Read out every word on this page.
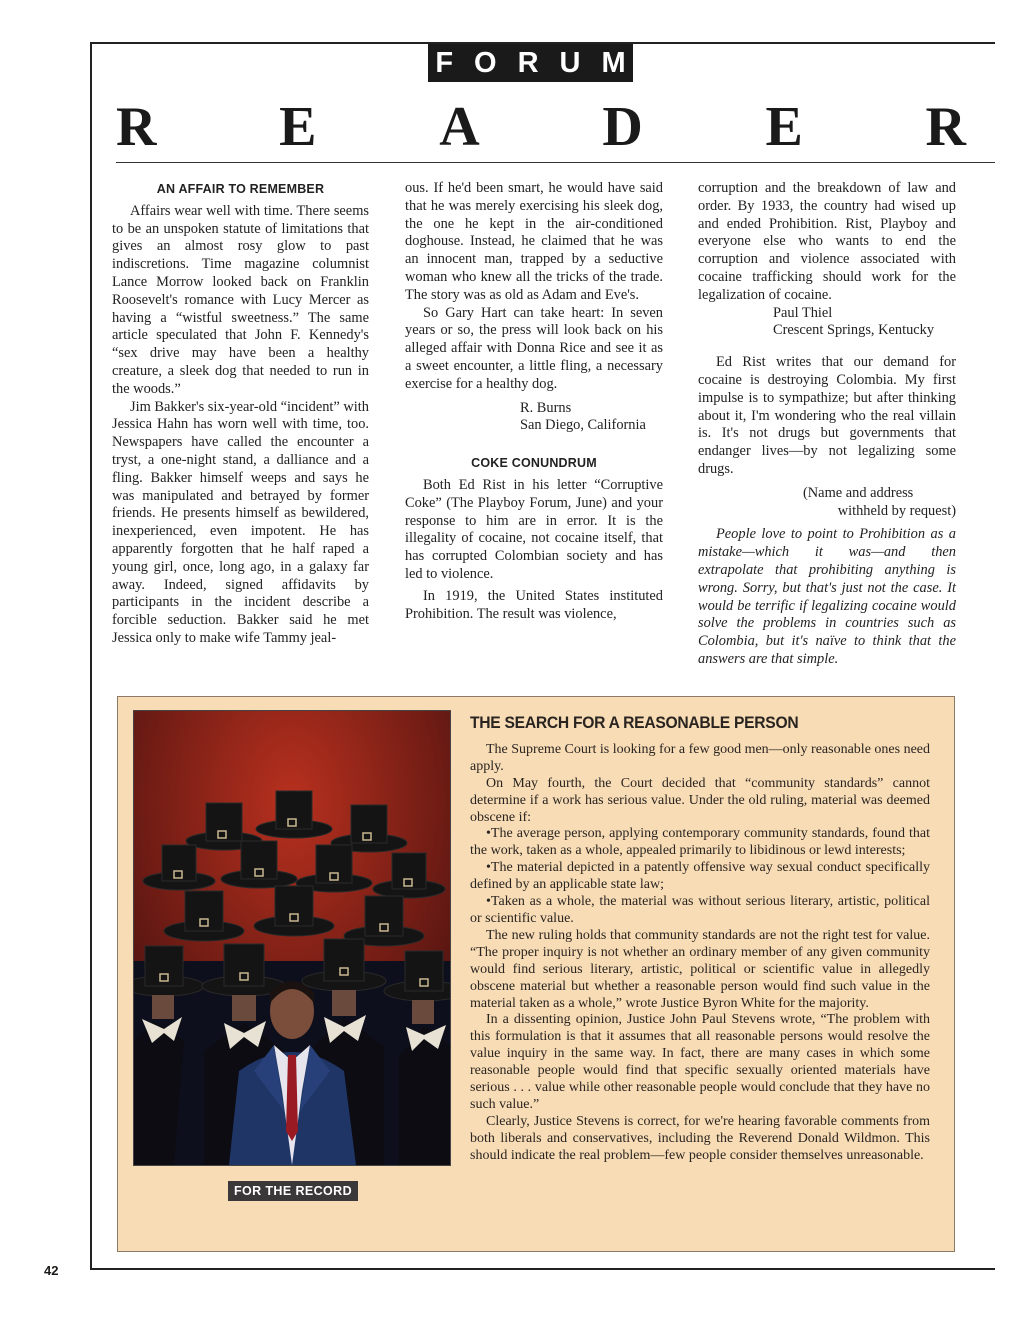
FORUM
R E A D E R
AN AFFAIR TO REMEMBER

Affairs wear well with time. There seems to be an unspoken statute of limitations that gives an almost rosy glow to past indiscretions. Time magazine columnist Lance Morrow looked back on Franklin Roosevelt's romance with Lucy Mercer as having a “wistful sweetness.” The same article speculated that John F. Kennedy's “sex drive may have been a healthy creature, a sleek dog that needed to run in the woods.”

Jim Bakker's six-year-old “incident” with Jessica Hahn has worn well with time, too. Newspapers have called the encounter a tryst, a one-night stand, a dalliance and a fling. Bakker himself weeps and says he was manipulated and betrayed by former friends. He presents himself as bewildered, inexperienced, even impotent. He has apparently forgotten that he half raped a young girl, once, long ago, in a galaxy far away. Indeed, signed affidavits by participants in the incident describe a forcible seduction. Bakker said he met Jessica only to make wife Tammy jeal-

ous. If he'd been smart, he would have said that he was merely exercising his sleek dog, the one he kept in the air-conditioned doghouse. Instead, he claimed that he was an innocent man, trapped by a seductive woman who knew all the tricks of the trade. The story was as old as Adam and Eve's.

So Gary Hart can take heart: In seven years or so, the press will look back on his alleged affair with Donna Rice and see it as a sweet encounter, a little fling, a necessary exercise for a healthy dog.

R. Burns

San Diego, California

COKE CONUNDRUM

Both Ed Rist in his letter “Corruptive Coke” (The Playboy Forum, June) and your response to him are in error. It is the illegality of cocaine, not cocaine itself, that has corrupted Colombian society and has led to violence.

In 1919, the United States instituted Prohibition. The result was violence,

corruption and the breakdown of law and order. By 1933, the country had wised up and ended Prohibition. Rist, Playboy and everyone else who wants to end the corruption and violence associated with cocaine trafficking should work for the legalization of cocaine.

Paul Thiel

Crescent Springs, Kentucky

Ed Rist writes that our demand for cocaine is destroying Colombia. My first impulse is to sympathize; but after thinking about it, I'm wondering who the real villain is. It's not drugs but governments that endanger lives—by not legalizing some drugs.

(Name and address

withheld by request)

People love to point to Prohibition as a mistake—which it was—and then extrapolate that prohibiting anything is wrong. Sorry, but that's just not the case. It would be terrific if legalizing cocaine would solve the problems in countries such as Colombia, but it's naïve to think that the answers are that simple.

FOR THE RECORD
THE SEARCH FOR A REASONABLE PERSON

The Supreme Court is looking for a few good men—only reasonable ones need apply.

On May fourth, the Court decided that “community standards” cannot determine if a work has serious value. Under the old ruling, material was deemed obscene if:

•The average person, applying contemporary community standards, found that the work, taken as a whole, appealed primarily to libidinous or lewd interests;

•The material depicted in a patently offensive way sexual conduct specifically defined by an applicable state law;

•Taken as a whole, the material was without serious literary, artistic, political or scientific value.

The new ruling holds that community standards are not the right test for value. “The proper inquiry is not whether an ordinary member of any given community would find serious literary, artistic, political or scientific value in allegedly obscene material but whether a reasonable person would find such value in the material taken as a whole,” wrote Justice Byron White for the majority.

In a dissenting opinion, Justice John Paul Stevens wrote, “The problem with this formulation is that it assumes that all reasonable persons would resolve the value inquiry in the same way. In fact, there are many cases in which some reasonable people would find that specific sexually oriented materials have serious . . . value while other reasonable people would conclude that they have no such value.”

Clearly, Justice Stevens is correct, for we're hearing favorable comments from both liberals and conservatives, including the Reverend Donald Wildmon. This should indicate the real problem—few people consider themselves unreasonable.

42
